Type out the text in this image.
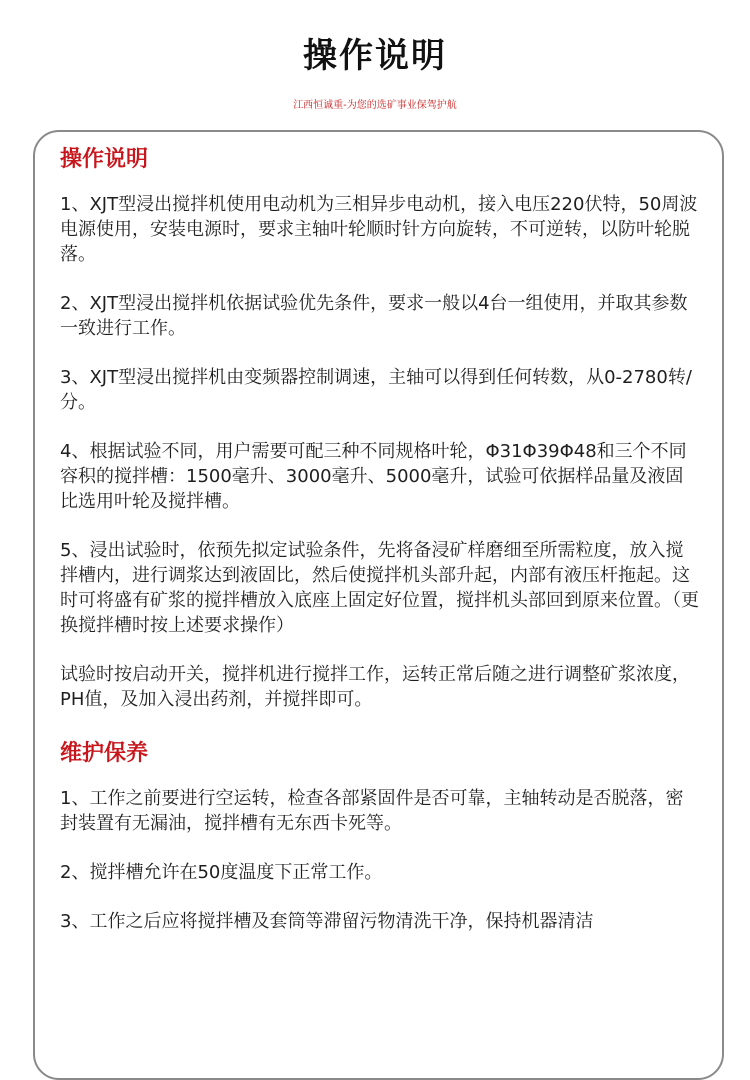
操作说明
江西恒诚重-为您的选矿事业保驾护航
操作说明

1、XJT型浸出搅拌机使用电动机为三相异步电动机，接入电压220伏特，50周波电源使用，安装电源时，要求主轴叶轮顺时针方向旋转，不可逆转，以防叶轮脱落。

2、XJT型浸出搅拌机依据试验优先条件，要求一般以4台一组使用，并取其参数一致进行工作。

3、XJT型浸出搅拌机由变频器控制调速，主轴可以得到任何转数，从0-2780转/分。

4、根据试验不同，用户需要可配三种不同规格叶轮，Φ31Φ39Φ48和三个不同容积的搅拌槽：1500毫升、3000毫升、5000毫升，试验可依据样品量及液固比选用叶轮及搅拌槽。

5、浸出试验时，依预先拟定试验条件，先将备浸矿样磨细至所需粒度，放入搅拌槽内，进行调浆达到液固比，然后使搅拌机头部升起，内部有液压杆拖起。这时可将盛有矿浆的搅拌槽放入底座上固定好位置，搅拌机头部回到原来位置。（更换搅拌槽时按上述要求操作）

试验时按启动开关，搅拌机进行搅拌工作，运转正常后随之进行调整矿浆浓度，PH值，及加入浸出药剂，并搅拌即可。

维护保养

1、工作之前要进行空运转，检查各部紧固件是否可靠，主轴转动是否脱落，密封装置有无漏油，搅拌槽有无东西卡死等。

2、搅拌槽允许在50度温度下正常工作。

3、工作之后应将搅拌槽及套筒等滞留污物清洗干净，保持机器清洁
